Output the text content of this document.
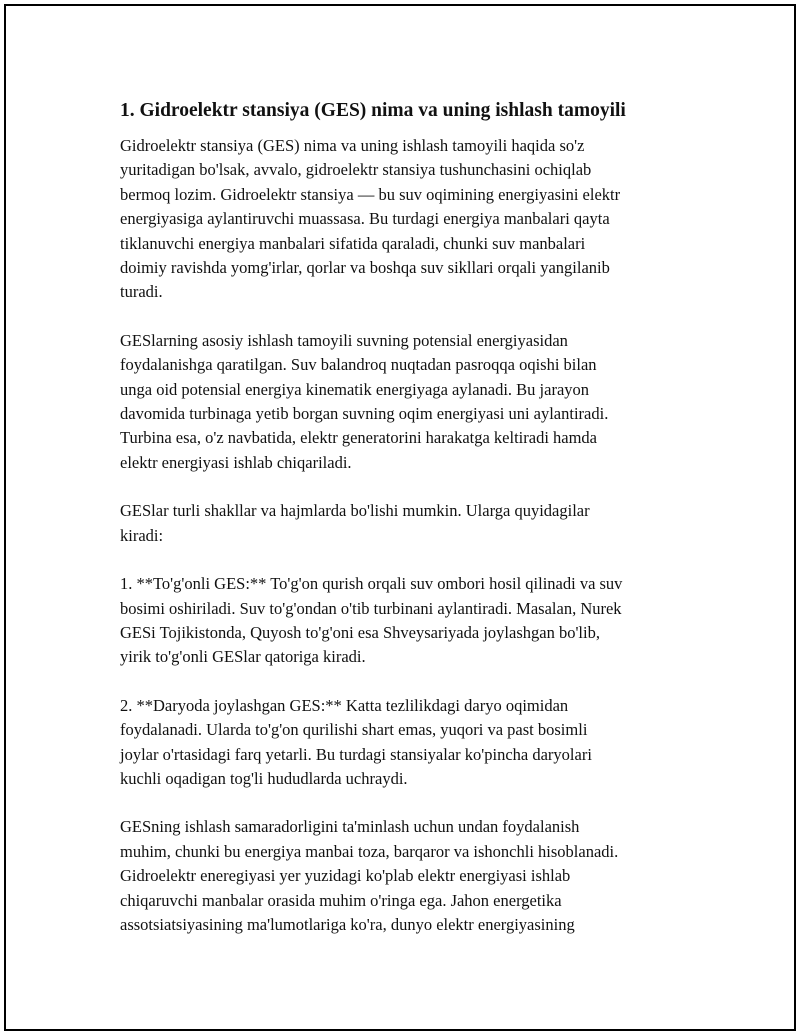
1. Gidroelektr stansiya (GES) nima va uning ishlash tamoyili
Gidroelektr stansiya (GES) nima va uning ishlash tamoyili haqida so'z
yuritadigan bo'lsak, avvalo, gidroelektr stansiya tushunchasini ochiqlab
bermoq lozim. Gidroelektr stansiya — bu suv oqimining energiyasini elektr
energiyasiga aylantiruvchi muassasa. Bu turdagi energiya manbalari qayta
tiklanuvchi energiya manbalari sifatida qaraladi, chunki suv manbalari
doimiy ravishda yomg'irlar, qorlar va boshqa suv sikllari orqali yangilanib
turadi.
GESlarning asosiy ishlash tamoyili suvning potensial energiyasidan
foydalanishga qaratilgan. Suv balandroq nuqtadan pasroqqa oqishi bilan
unga oid potensial energiya kinematik energiyaga aylanadi. Bu jarayon
davomida turbinaga yetib borgan suvning oqim energiyasi uni aylantiradi.
Turbina esa, o'z navbatida, elektr generatorini harakatga keltiradi hamda
elektr energiyasi ishlab chiqariladi.
GESlar turli shakllar va hajmlarda bo'lishi mumkin. Ularga quyidagilar
kiradi:
1. **To'g'onli GES:** To'g'on qurish orqali suv ombori hosil qilinadi va suv
bosimi oshiriladi. Suv to'g'ondan o'tib turbinani aylantiradi. Masalan, Nurek
GESi Tojikistonda, Quyosh to'g'oni esa Shveysariyada joylashgan bo'lib,
yirik to'g'onli GESlar qatoriga kiradi.
2. **Daryoda joylashgan GES:** Katta tezlilikdagi daryo oqimidan
foydalanadi. Ularda to'g'on qurilishi shart emas, yuqori va past bosimli
joylar o'rtasidagi farq yetarli. Bu turdagi stansiyalar ko'pincha daryolari
kuchli oqadigan tog'li hududlarda uchraydi.
GESning ishlash samaradorligini ta'minlash uchun undan foydalanish
muhim, chunki bu energiya manbai toza, barqaror va ishonchli hisoblanadi.
Gidroelektr eneregiyasi yer yuzidagi ko'plab elektr energiyasi ishlab
chiqaruvchi manbalar orasida muhim o'ringa ega. Jahon energetika
assotsiatsiyasining ma'lumotlariga ko'ra, dunyo elektr energiyasining
